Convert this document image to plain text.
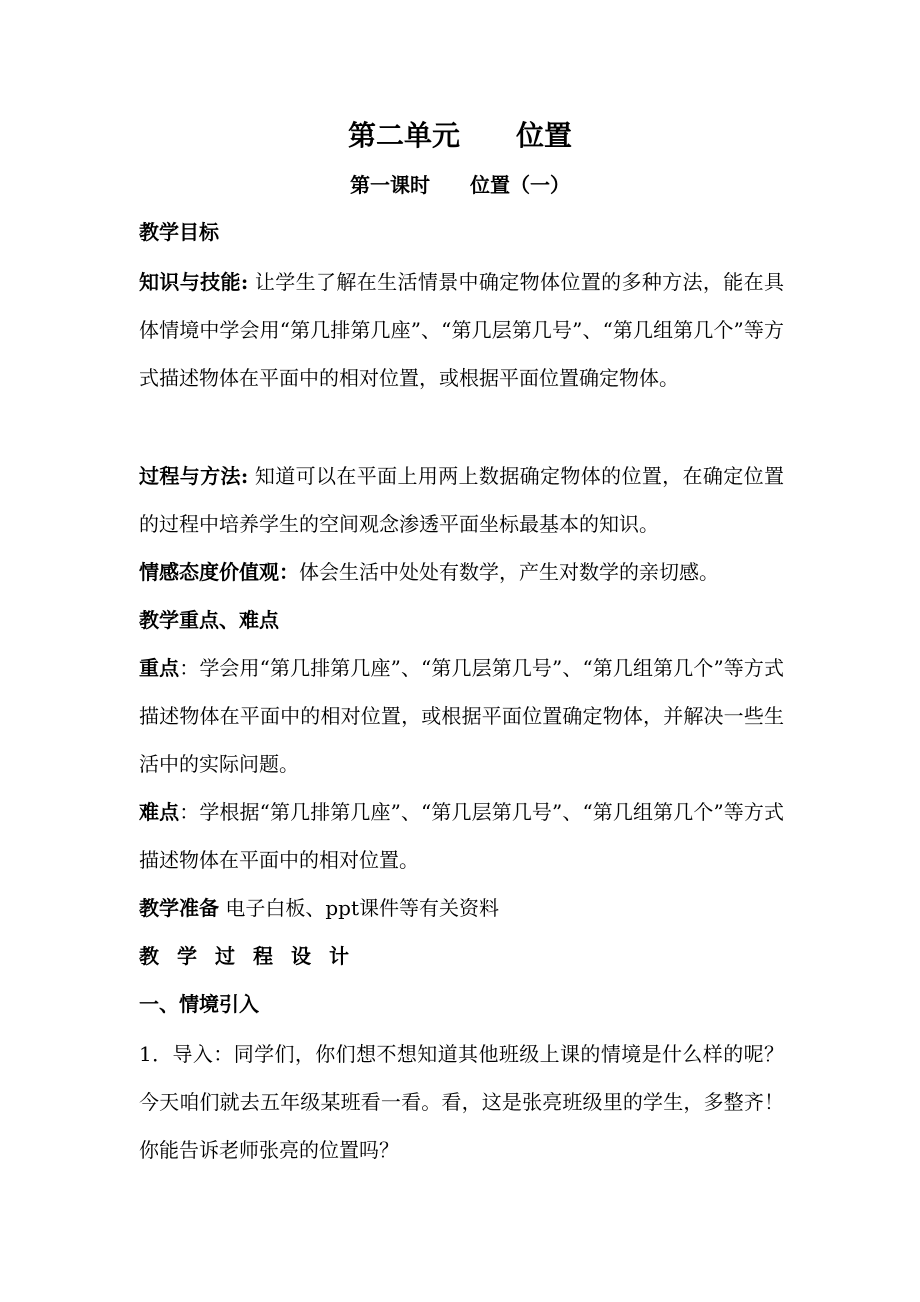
第二单元　　位置
第一课时　　位置（一）
教学目标
知识与技能: 让学生了解在生活情景中确定物体位置的多种方法，能在具体情境中学会用“第几排第几座”、“第几层第几号”、“第几组第几个”等方式描述物体在平面中的相对位置，或根据平面位置确定物体。
过程与方法: 知道可以在平面上用两上数据确定物体的位置，在确定位置的过程中培养学生的空间观念渗透平面坐标最基本的知识。
情感态度价值观：体会生活中处处有数学，产生对数学的亲切感。
教学重点、难点
重点：学会用“第几排第几座”、“第几层第几号”、“第几组第几个”等方式描述物体在平面中的相对位置，或根据平面位置确定物体，并解决一些生活中的实际问题。
难点：学根据“第几排第几座”、“第几层第几号”、“第几组第几个”等方式描述物体在平面中的相对位置。
教学准备 电子白板、ppt课件等有关资料
教学过程设计
一、情境引入
1．导入：同学们，你们想不想知道其他班级上课的情境是什么样的呢？今天咱们就去五年级某班看一看。看，这是张亮班级里的学生，多整齐！你能告诉老师张亮的位置吗？
